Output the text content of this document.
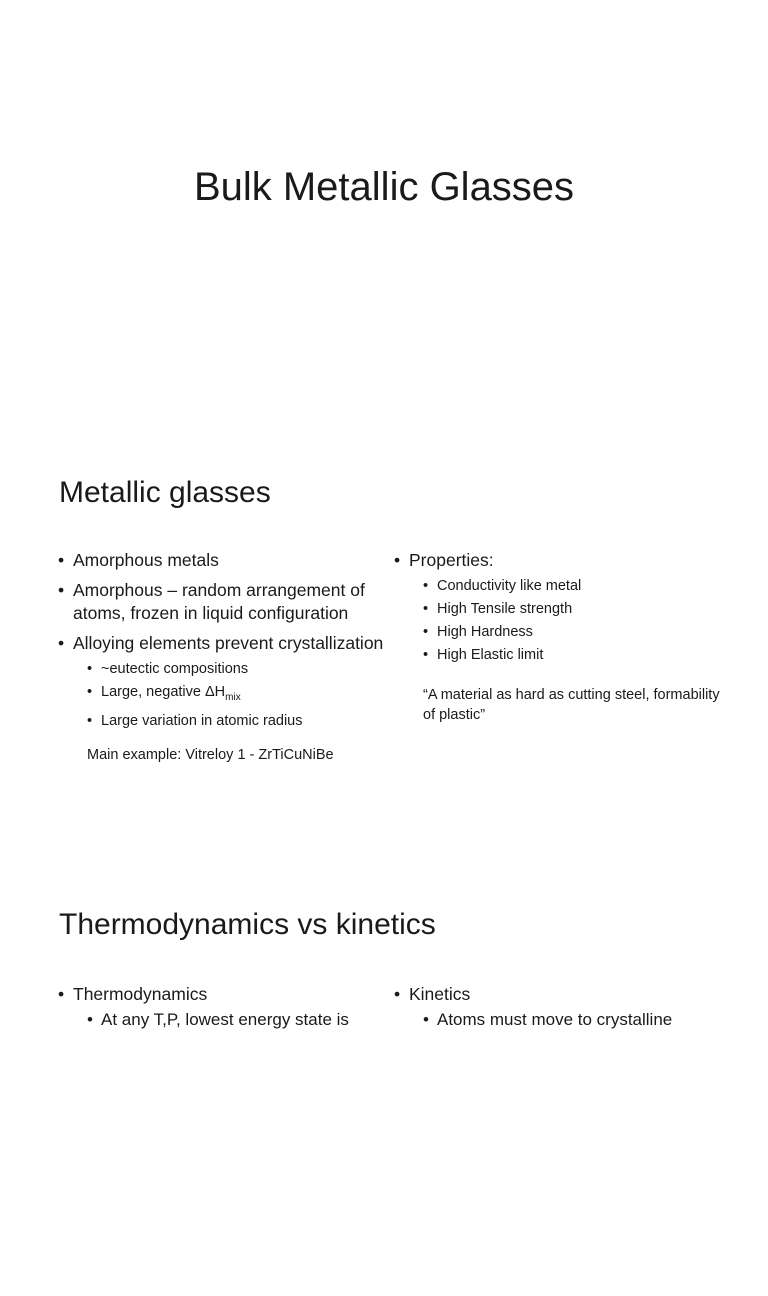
Bulk Metallic Glasses
Metallic glasses
• Amorphous metals
• Amorphous – random arrangement of atoms, frozen in liquid configuration
• Alloying elements prevent crystallization
• ~eutectic compositions
• Large, negative $\Delta H_{mix}$
• Large variation in atomic radius

Main example: Vitreloy 1 - ZrTiCuNiBe

• Properties:
• Conductivity like metal
• High Tensile strength
• High Hardness
• High Elastic limit

“A material as hard as cutting steel, formability of plastic”

Thermodynamics vs kinetics
• Thermodynamics
• At any T,P, lowest energy state is
• Kinetics
• Atoms must move to crystalline
